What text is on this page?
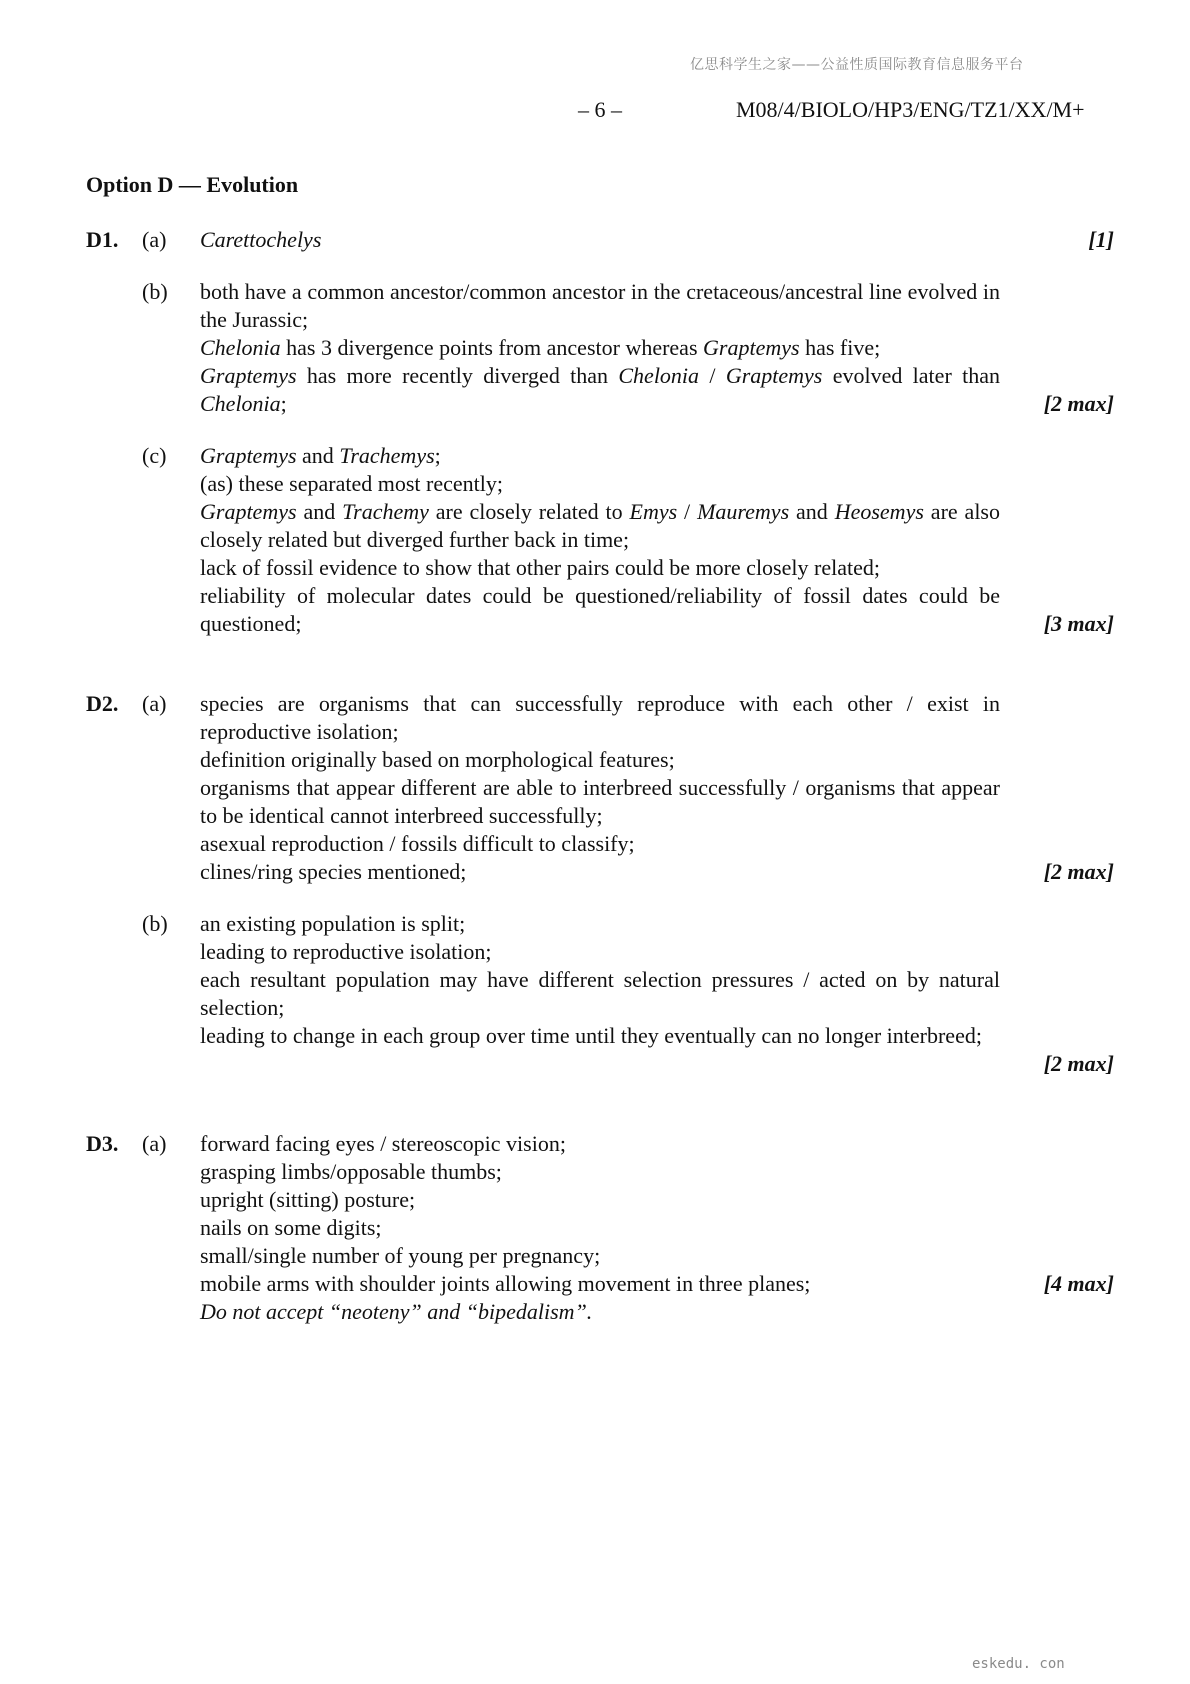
亿思科学生之家——公益性质国际教育信息服务平台
– 6 –	M08/4/BIOLO/HP3/ENG/TZ1/XX/M+
Option D — Evolution
D1. (a) Carettochelys	[1]
(b) both have a common ancestor/common ancestor in the cretaceous/ancestral line evolved in the Jurassic;
Chelonia has 3 divergence points from ancestor whereas Graptemys has five;
Graptemys has more recently diverged than Chelonia / Graptemys evolved later than Chelonia;	[2 max]
(c) Graptemys and Trachemys;
(as) these separated most recently;
Graptemys and Trachemy are closely related to Emys / Mauremys and Heosemys are also closely related but diverged further back in time;
lack of fossil evidence to show that other pairs could be more closely related;
reliability of molecular dates could be questioned/reliability of fossil dates could be questioned;	[3 max]
D2. (a) species are organisms that can successfully reproduce with each other / exist in reproductive isolation;
definition originally based on morphological features;
organisms that appear different are able to interbreed successfully / organisms that appear to be identical cannot interbreed successfully;
asexual reproduction / fossils difficult to classify;
clines/ring species mentioned;	[2 max]
(b) an existing population is split;
leading to reproductive isolation;
each resultant population may have different selection pressures / acted on by natural selection;
leading to change in each group over time until they eventually can no longer interbreed;
[2 max]
D3. (a) forward facing eyes / stereoscopic vision;
grasping limbs/opposable thumbs;
upright (sitting) posture;
nails on some digits;
small/single number of young per pregnancy;
mobile arms with shoulder joints allowing movement in three planes;
Do not accept “neoteny” and “bipedalism”.
[4 max]
eskedu. con
